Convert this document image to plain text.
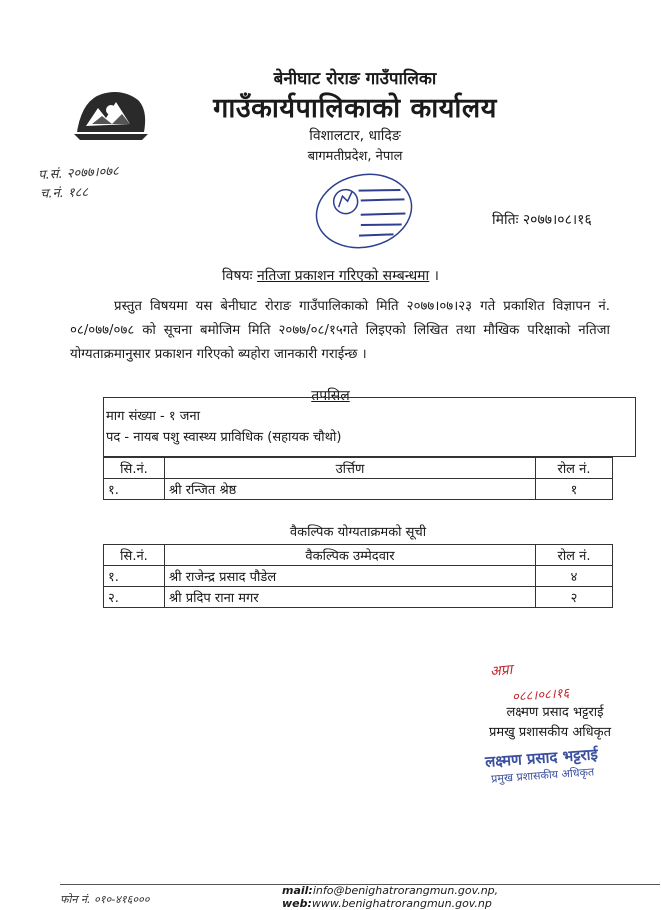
बेनीघाट रोराङ गाउँपालिका
गाउँकार्यपालिकाको कार्यालय
विशालटार, धादिङ
बागमतीप्रदेश, नेपाल
प.सं. २०७७।०७८
च.नं. १८८
मितिः २०७७।०८।१६
विषयः नतिजा प्रकाशन गरिएको सम्बन्धमा ।
प्रस्तुत विषयमा यस बेनीघाट रोराङ गाउँपालिकाको मिति २०७७।०७।२३ गते प्रकाशित विज्ञापन नं. ०८/०७७/०७८ को सूचना बमोजिम मिति २०७७/०८/१५गते लिइएको लिखित तथा मौखिक परिक्षाको नतिजा योग्यताक्रमानुसार प्रकाशन गरिएको ब्यहोरा जानकारी गराईन्छ ।
तपसिल
माग संख्या - १ जना
पद - नायब पशु स्वास्थ्य प्राविधिक (सहायक चौथो)
सि.नं.	उर्त्तिण	रोल नं.
१.	श्री रन्जित श्रेष्ठ	१
वैकल्पिक योग्यताक्रमको सूची
सि.नं.	वैकल्पिक उम्मेदवार	रोल नं.
१.	श्री राजेन्द्र प्रसाद पौडेल	४
२.	श्री प्रदिप राना मगर	२
अप्रा
०८८।०८।१६
लक्ष्मण प्रसाद भट्टराई
प्रमखु प्रशासकीय अधिकृत
लक्ष्मण प्रसाद भट्टराई
प्रमुख प्रशासकीय अधिकृत
फोन नं. ०१०-४१६०००
mail:info@benighatrorangmun.gov.np, web:www.benighatrorangmun.gov.np
